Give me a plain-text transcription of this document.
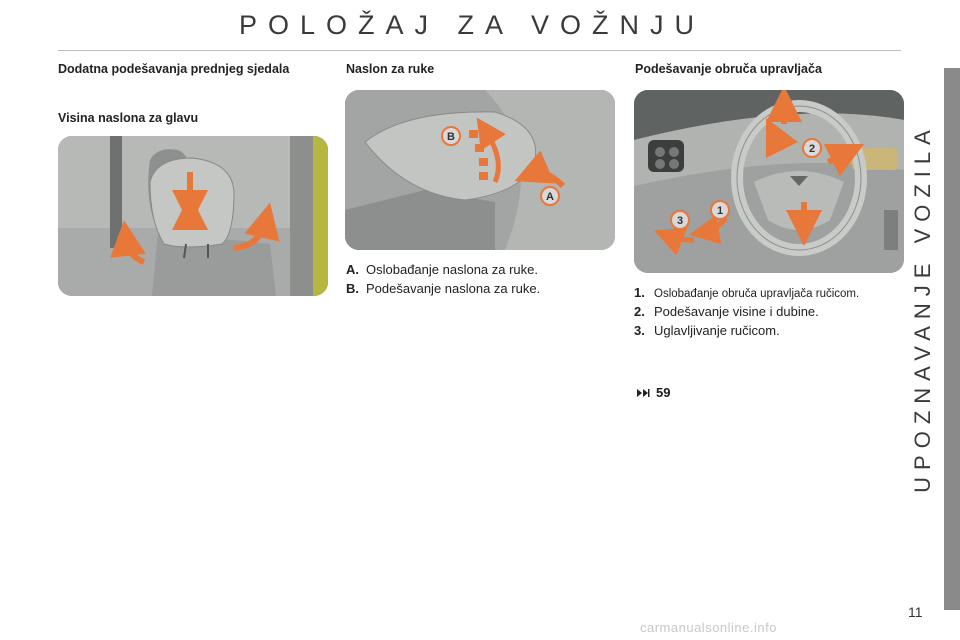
POLOŽAJ ZA VOŽNJU
UPOZNAVANJE VOZILA
Dodatna podešavanja prednjeg sjedala
Visina naslona za glavu
Naslon za ruke
B
A
A. Oslobađanje naslona za ruke.
B. Podešavanje naslona za ruke.
Podešavanje obruča upravljača
1
2
3
1. Oslobađanje obruča upravljača ručicom.
2. Podešavanje visine i dubine.
3. Uglavljivanje ručicom.
59
11
carmanualsonline.info
